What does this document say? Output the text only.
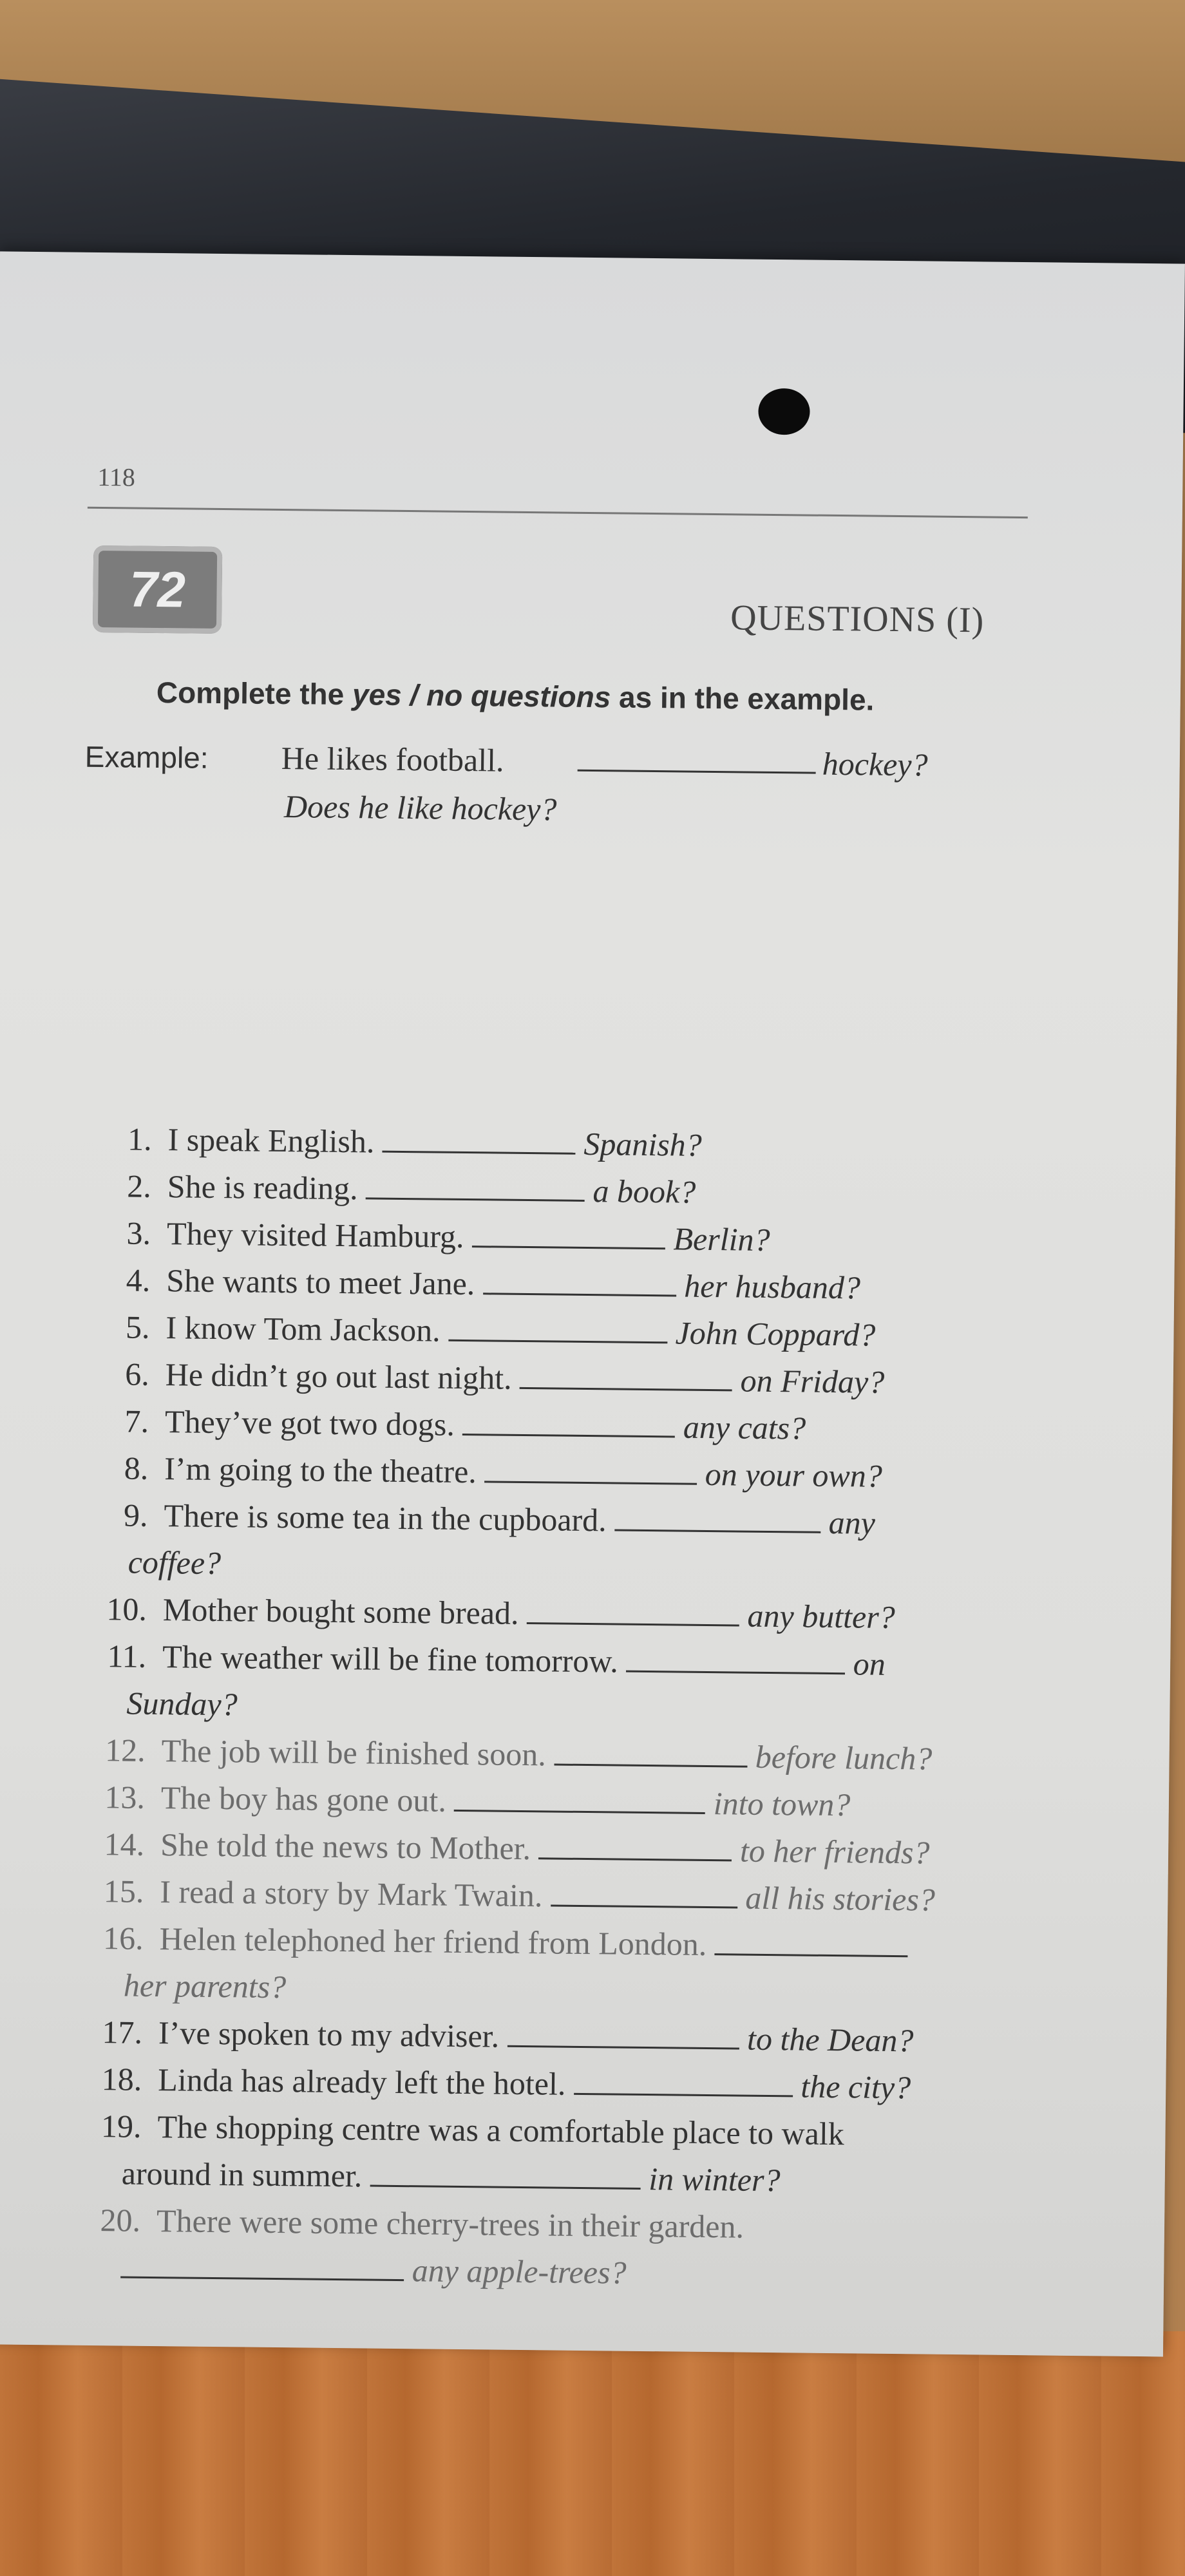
118
72
QUESTIONS (I)
Complete the yes / no questions as in the example.
Example: He likes football.	hockey?
Does he like hockey?
1. I speak English.	Spanish?
2. She is reading.	a book?
3. They visited Hamburg.	Berlin?
4. She wants to meet Jane.	her husband?
5. I know Tom Jackson.	John Coppard?
6. He didn’t go out last night.	on Friday?
7. They’ve got two dogs.	any cats?
8. I’m going to the theatre.	on your own?
9. There is some tea in the cupboard.	any
coffee?
10. Mother bought some bread.	any butter?
11. The weather will be fine tomorrow.	on
Sunday?
12. The job will be finished soon.	before lunch?
13. The boy has gone out.	into town?
14. She told the news to Mother.	to her friends?
15. I read a story by Mark Twain.	all his stories?
16. Helen telephoned her friend from London.
her parents?
17. I’ve spoken to my adviser.	to the Dean?
18. Linda has already left the hotel.	the city?
19. The shopping centre was a comfortable place to walk
around in summer.	in winter?
20. There were some cherry-trees in their garden.
any apple-trees?
